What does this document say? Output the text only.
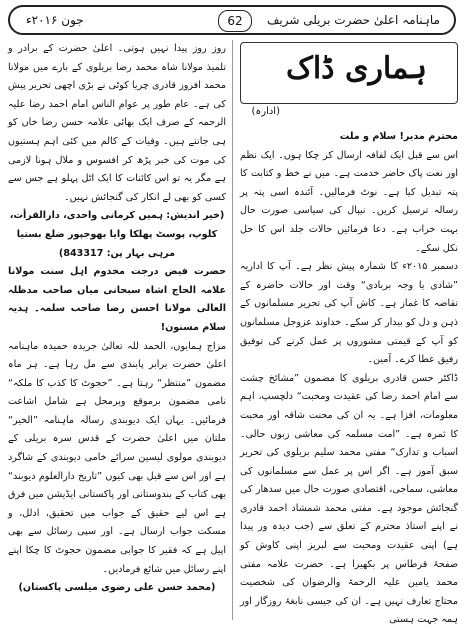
ماہنامہ اعلیٰ حضرت بریلی شریف
62
جون ۲۰۱۶ء
ہماری ڈاک
(ادارہ)

محترم مدیر! سلام و ملت

اس سے قبل ایک لفافہ ارسال کر چکا ہوں۔ ایک نظم اور نعت پاک حاضر خدمت ہے۔ میں نے خط و کتابت کا پتہ تبدیل کیا ہے۔ نوٹ فرمالیں۔ آئندہ اسی پتہ پر رسالہ ترسیل کریں۔ نیپال کی سیاسی صورت حال بہت خراب ہے۔ دعا فرمائیں حالات جلد اس کا حل نکل سکے۔

دسمبر ۲۰۱۵ء کا شمارہ پیش نظر ہے۔ آپ کا اداریہ ”شادی یا وجہ بربادی“ وقت اور حالات حاضرہ کے تقاضہ کا غماز ہے۔ کاش آپ کی تحریر مسلمانوں کے ذہن و دل کو بیدار کر سکے۔ خداوند عزوجل مسلمانوں کو آپ کے قیمتی مشوروں پر عمل کرنے کی توفیق رفیق عطا کرے۔ آمین۔

ڈاکٹر حسن قادری بریلوی کا مضمون ”مشائخ چشت سے امام احمد رضا کی عقیدت ومحبت“ دلچسپ، اہم معلومات، افزا ہے۔ یہ ان کی محنت شاقہ اور محبت کا ثمرہ ہے۔ ”امت مسلمہ کی معاشی زبوں حالی۔ اسباب و تدارک“ مفتی محمد سلیم بریلوی کی تحریر سبق آموز ہے۔ اگر اس پر عمل سے مسلمانوں کی معاشی، سماجی، اقتصادی صورت حال میں سدھار کی گنجائش موجود ہے۔ مفتی محمد شمشاد احمد قادری نے اپنے استاذ محترم کے تعلق سے (جب دیدہ ور پیدا ہے) اپنی عقیدت ومحبت سے لبریز اپنی کاوش کو صفحۂ قرطاس پر بکھیرا ہے۔ حضرت علامہ مفتی محمد یامین علیہ الرحمۃ والرضوان کی شخصیت محتاج تعارف نہیں ہے۔ ان کی جیسی نابغۂ روزگار اور ہمہ جہت ہستی

روز روز پیدا نہیں ہوتی۔ اعلیٰ حضرت کے برادر و تلمیذ مولانا شاہ محمد رضا بریلوی کے بارے میں مولانا محمد افروز قادری چریا کوٹی نے بڑی اچھی تحریر پیش کی ہے۔ عام طور پر عوام الناس امام احمد رضا علیہ الرحمہ کے صرف ایک بھائی علامہ حسن رضا خاں کو ہی جانتے ہیں۔ وفیات کے کالم میں کئی اہم ہستیوں کی موت کی خبر پڑھ کر افسوس و ملال ہونا لازمی ہے مگر یہ تو اس کائنات کا ایک اٹل پہلو ہے جس سے کسی کو بھی لے انکار کی گنجائش نہیں۔

(خیر اندیش: ہمیں کرمانی واحدی، دارالقرأت، کلوپ، پوسٹ پھلکا وایا بھوجپور ضلع بستیا مرہی بہار پن: 843317)

حضرت فیض درجت مخدوم اہل سنت مولانا علامہ الحاج اشاہ سبحانی میاں صاحب مدظلہ العالی مولانا احسن رضا صاحب سلمہ۔ ہدیہ سلام مسنون!

مزاج ہمایوں، الحمد للہ تعالیٰ جریدہ حمیدہ ماہنامہ اعلیٰ حضرت برابر پابندی سے مل رہا ہے۔ ہر ماہ مضمون ”منتظر“ رہتا ہے۔ ”حجوٹ کا کذب کا ملکہ“ نامی مضمون برموقع وبرمحل ہے شامل اشاعت فرمائیں۔ یہاں ایک دیوبندی رسالہ ماہنامہ ”الخیر“ ملتان میں اعلیٰ حضرت کے قدس سرہ بریلی کے دیوبندی مولوی لیسین سرائے خامی دیوبندی کے شاگرد ہے اور اس سے قبل بھی کیوں ”تاریخ دارالعلوم دیوبند“ بھی کتاب کے بندوستانی اور پاکستانی ایڈیشن میں فرق ہے اس لیے حقیق کے جواب میں تحقیق، ادلل، و مسکت جواب ارسال ہے۔ اور سپی رسائل سے بھی اپیل ہے کہ فقیر کا جوابی مضمون حجوٹ کا چکا اپنے اپنے رسائل میں شائع فرمادیں۔

(محمد حسن علی رضوی میلسی پاکستان)
